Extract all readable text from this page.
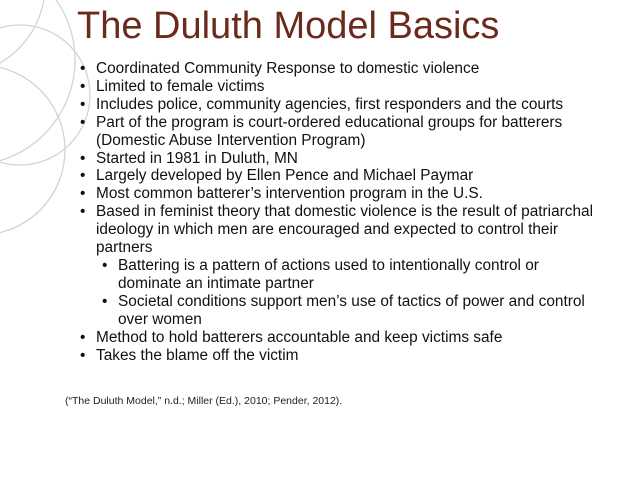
The Duluth Model Basics
• Coordinated Community Response to domestic violence
• Limited to female victims
• Includes police, community agencies, first responders and the courts
• Part of the program is court-ordered educational groups for batterers (Domestic Abuse Intervention Program)
• Started in 1981 in Duluth, MN
• Largely developed by Ellen Pence and Michael Paymar
• Most common batterer’s intervention program in the U.S.
• Based in feminist theory that domestic violence is the result of patriarchal ideology in which men are encouraged and expected to control their partners
• Battering is a pattern of actions used to intentionally control or dominate an intimate partner
• Societal conditions support men’s use of tactics of power and control over women
• Method to hold batterers accountable and keep victims safe
• Takes the blame off the victim
(“The Duluth Model,” n.d.; Miller (Ed.), 2010; Pender, 2012).
